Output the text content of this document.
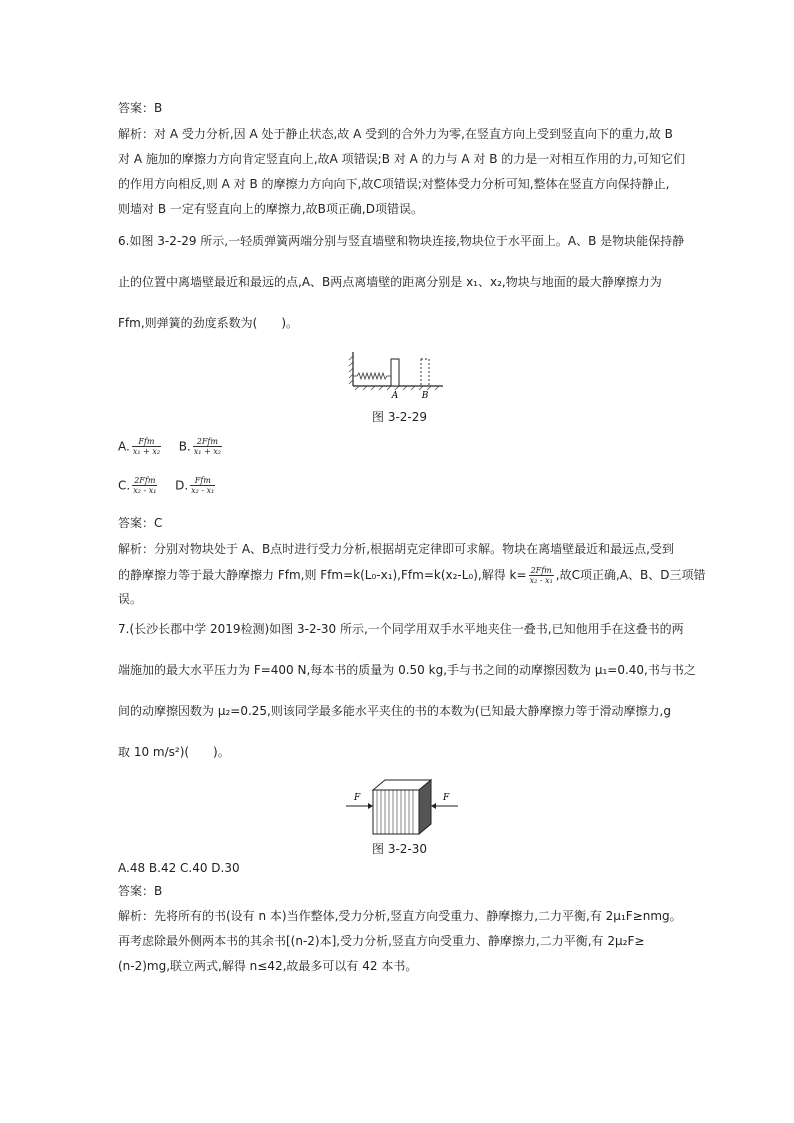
答案：B
解析：对 A 受力分析,因 A 处于静止状态,故 A 受到的合外力为零,在竖直方向上受到竖直向下的重力,故 B
对 A 施加的摩擦力方向肯定竖直向上,故A 项错误;B 对 A 的力与 A 对 B 的力是一对相互作用的力,可知它们
的作用方向相反,则 A 对 B 的摩擦力方向向下,故C项错误;对整体受力分析可知,整体在竖直方向保持静止,
则墙对 B 一定有竖直向上的摩擦力,故B项正确,D项错误。
6.如图 3-2-29 所示,一轻质弹簧两端分别与竖直墙壁和物块连接,物块位于水平面上。A、B 是物块能保持静
止的位置中离墙壁最近和最远的点,A、B两点离墙壁的距离分别是 x₁、x₂,物块与地面的最大静摩擦力为
Ffm,则弹簧的劲度系数为(　　)。
A	B
图 3-2-29
A. $\frac{\text{Ffm}}{\text{x₁ + x₂}} B$. $\frac{\text{2Ffm}}{\text{x₁ + x₂}}$
C. $\frac{\text{2Ffm}}{\text{x₂ - x₁}} D$. $\frac{\text{Ffm}}{\text{x₂ - x₁}}$
答案：C
解析：分别对物块处于 A、B点时进行受力分析,根据胡克定律即可求解。物块在离墙壁最近和最远点,受到
的静摩擦力等于最大静摩擦力 Ffm,则 Ffm=k(L₀-x₁),Ffm=k(x₂-L₀),解得 $k= \frac{\text{2Ffm}}{\text{x₂ - x₁}}$ ,故C项正确,A、B、D三项错
误。
7.(长沙长郡中学 2019检测)如图 3-2-30 所示,一个同学用双手水平地夹住一叠书,已知他用手在这叠书的两
端施加的最大水平压力为 F=400 N,每本书的质量为 0.50 kg,手与书之间的动摩擦因数为 μ₁=0.40,书与书之
间的动摩擦因数为 μ₂=0.25,则该同学最多能水平夹住的书的本数为(已知最大静摩擦力等于滑动摩擦力,g
取 10 m/s²)(　　)。
F	F
图 3-2-30
A.48 B.42 C.40 D.30
答案：B
解析：先将所有的书(设有 n 本)当作整体,受力分析,竖直方向受重力、静摩擦力,二力平衡,有 2μ₁F≥nmg。
再考虑除最外侧两本书的其余书[(n-2)本],受力分析,竖直方向受重力、静摩擦力,二力平衡,有 2μ₂F≥
(n-2)mg,联立两式,解得 n≤42,故最多可以有 42 本书。
